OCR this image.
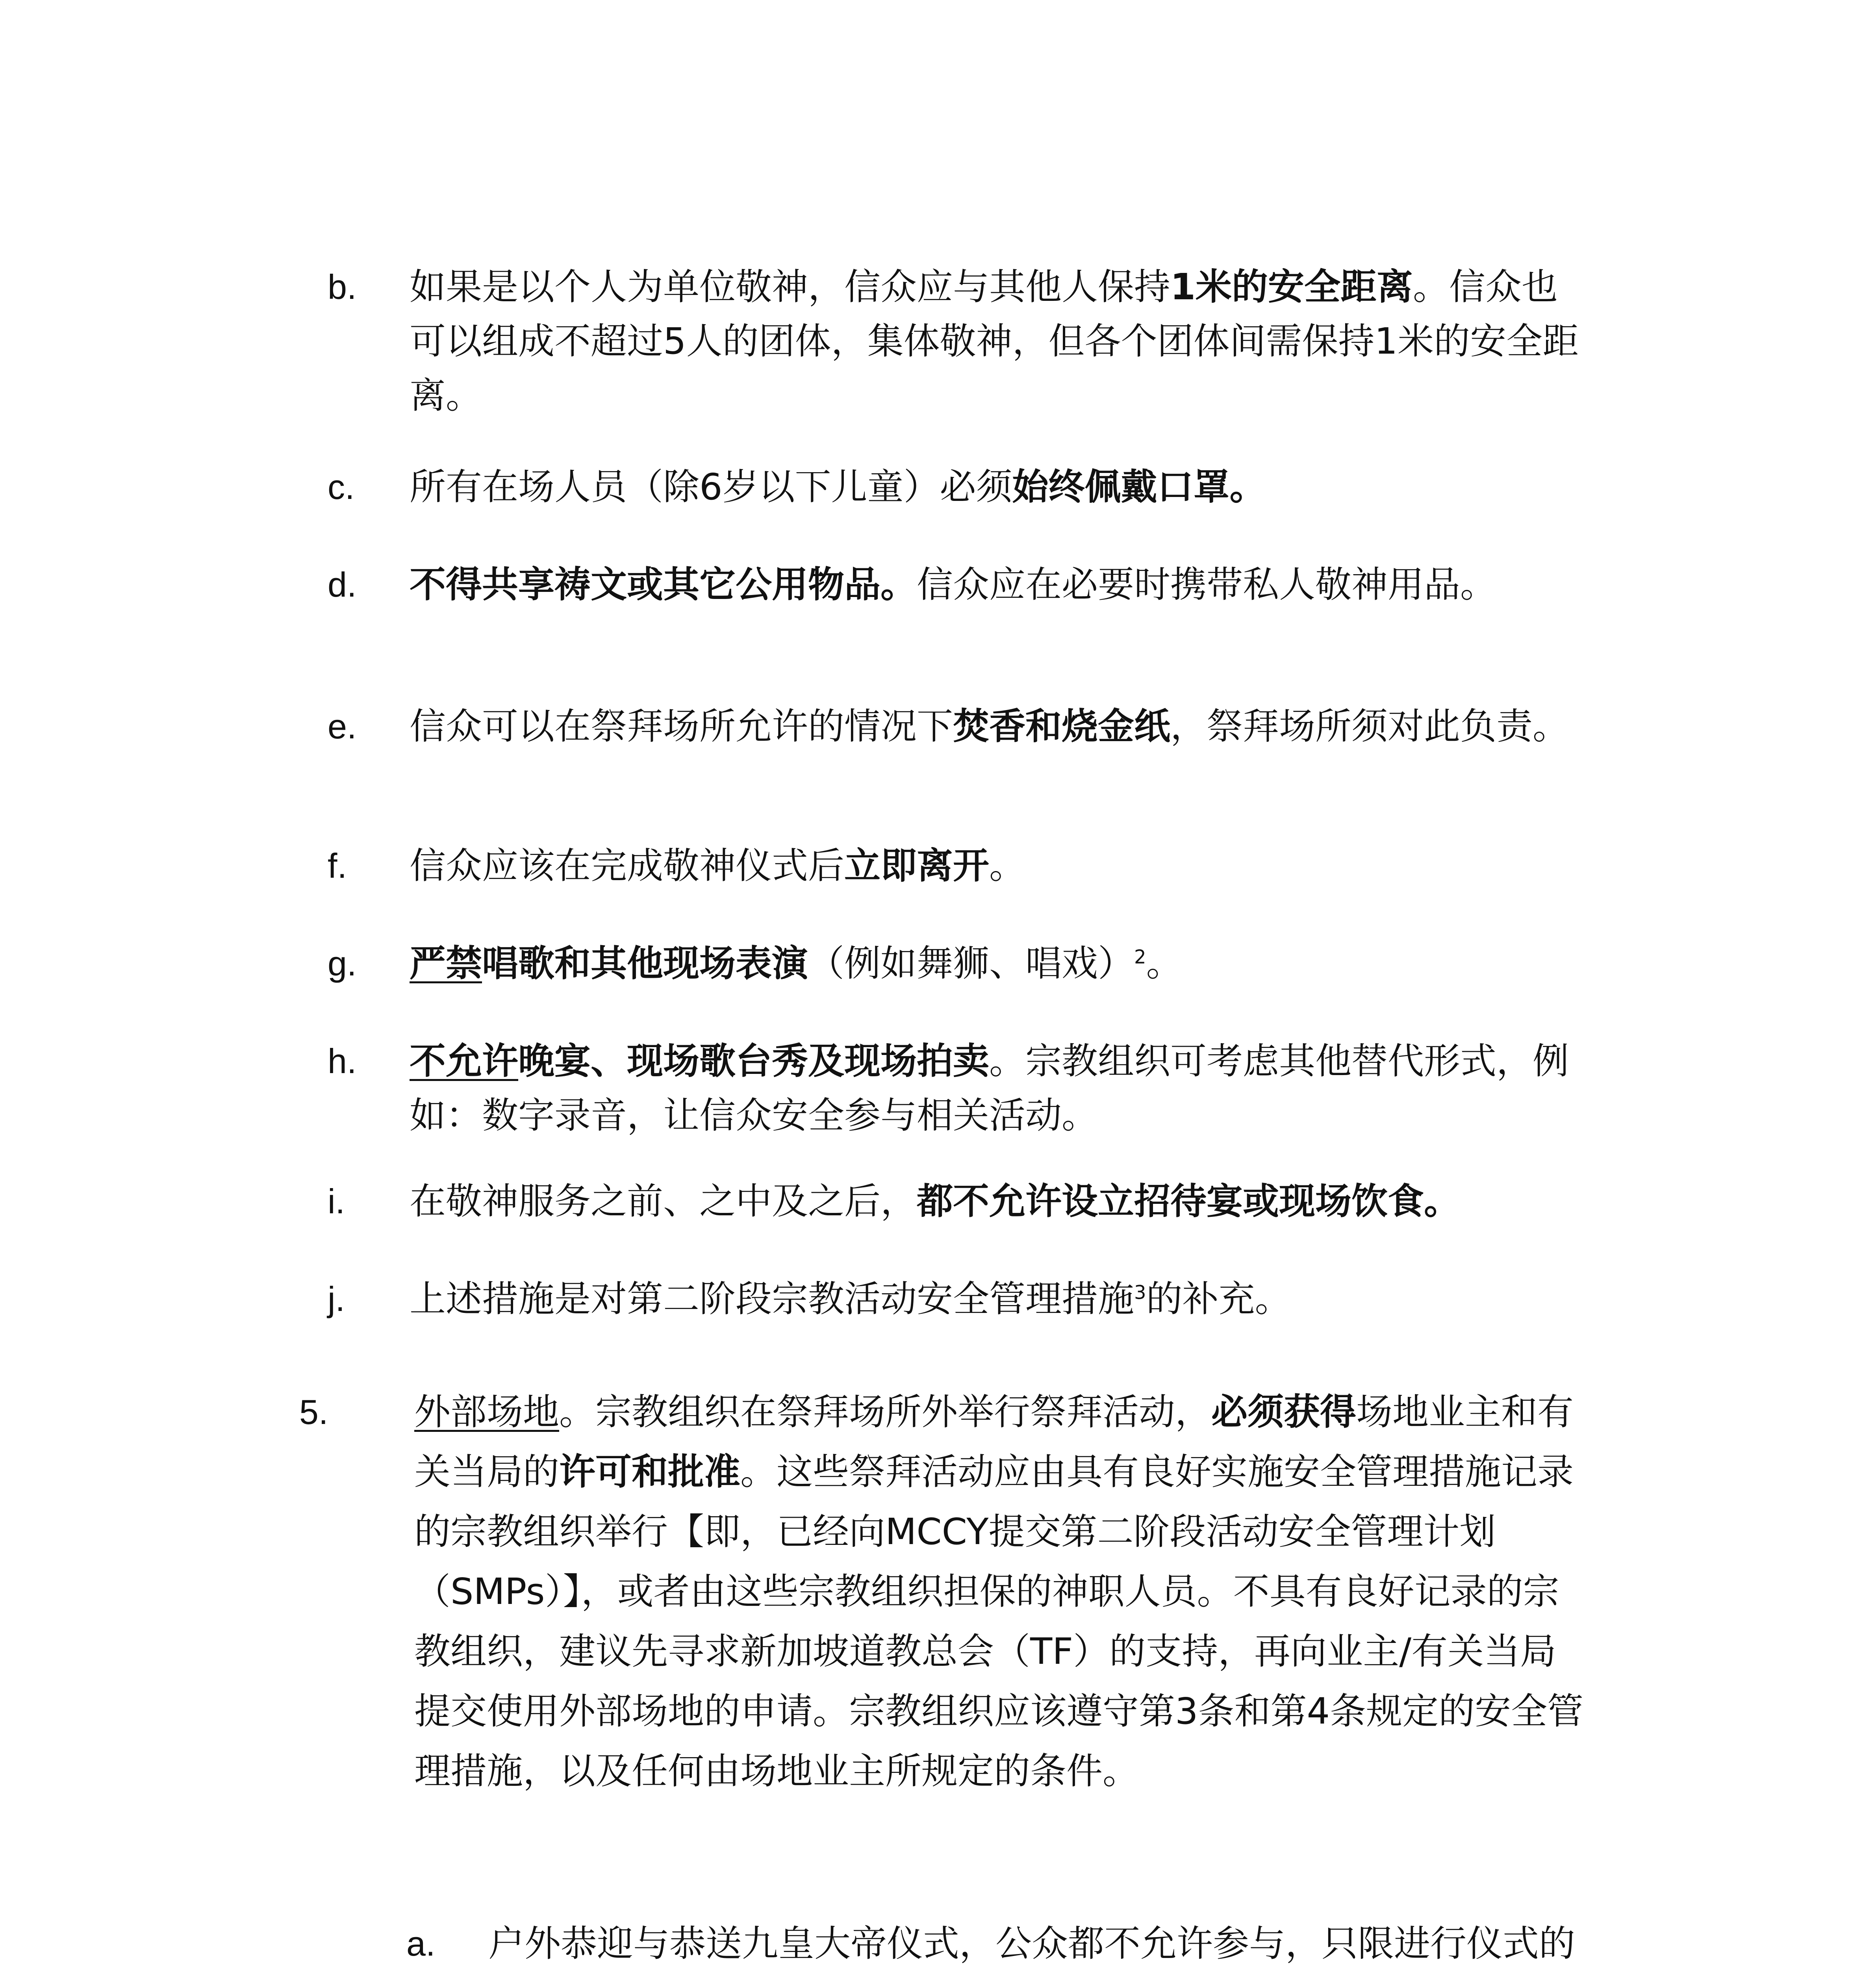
b. 如果是以个人为单位敬神，信众应与其他人保持1米的安全距离。信众也可以组成不超过5人的团体，集体敬神，但各个团体间需保持1米的安全距离。

c. 所有在场人员（除6岁以下儿童）必须始终佩戴口罩。

d. 不得共享祷文或其它公用物品。信众应在必要时携带私人敬神用品。

e. 信众可以在祭拜场所允许的情况下焚香和烧金纸，祭拜场所须对此负责。

f. 信众应该在完成敬神仪式后立即离开。

g. 严禁唱歌和其他现场表演（例如舞狮、唱戏）$^2$。

h. 不允许晚宴、现场歌台秀及现场拍卖。宗教组织可考虑其他替代形式，例如：数字录音，让信众安全参与相关活动。

i. 在敬神服务之前、之中及之后，都不允许设立招待宴或现场饮食。

j. 上述措施是对第二阶段宗教活动安全管理措施$^3$的补充。

5.	外部场地。宗教组织在祭拜场所外举行祭拜活动，必须获得场地业主和有关当局的许可和批准。这些祭拜活动应由具有良好实施安全管理措施记录的宗教组织举行【即，已经向MCCY提交第二阶段活动安全管理计划（SMPs）】，或者由这些宗教组织担保的神职人员。不具有良好记录的宗教组织，建议先寻求新加坡道教总会（TF）的支持，再向业主/有关当局提交使用外部场地的申请。宗教组织应该遵守第3条和第4条规定的安全管理措施，以及任何由场地业主所规定的条件。

a. 户外恭迎与恭送九皇大帝仪式，公众都不允许参与，只限进行仪式的
